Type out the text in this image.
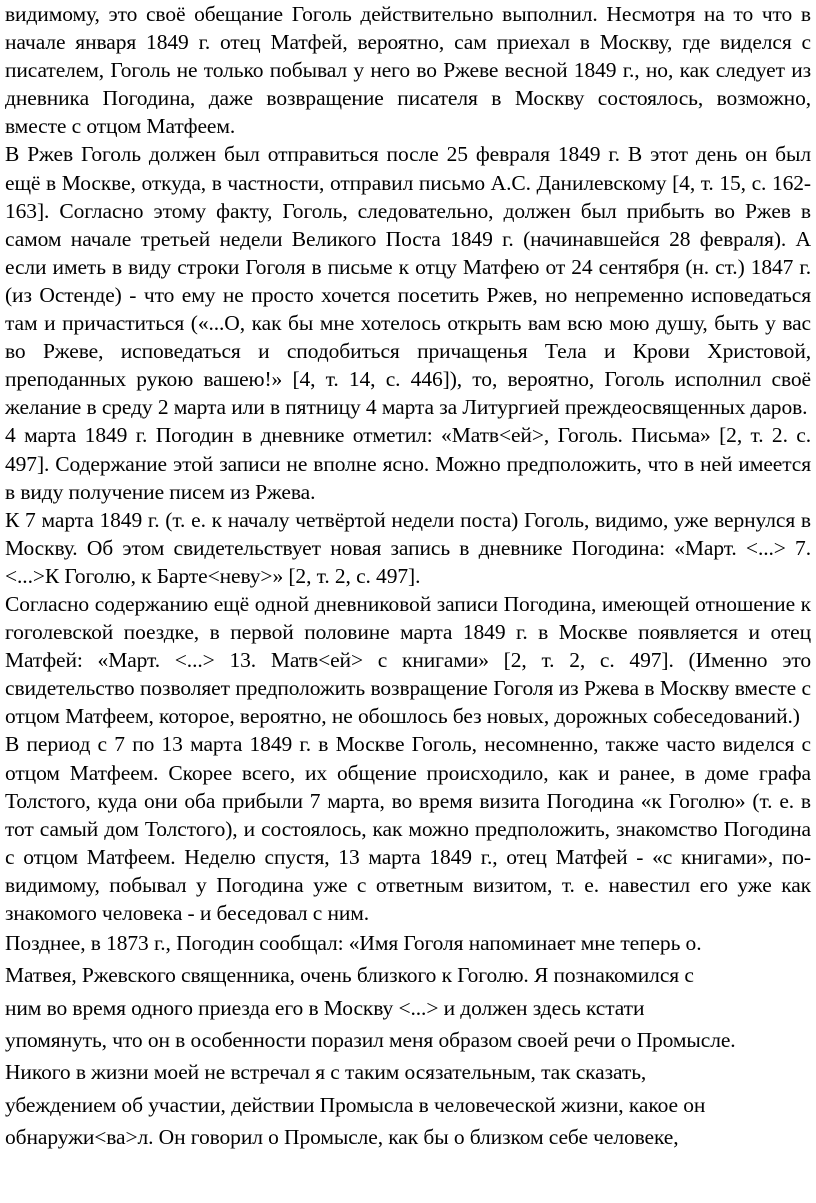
видимому, это своё обещание Гоголь действительно выполнил. Несмотря на то что в начале января 1849 г. отец Матфей, вероятно, сам приехал в Москву, где виделся с писателем, Гоголь не только побывал у него во Ржеве весной 1849 г., но, как следует из дневника Погодина, даже возвращение писателя в Москву состоялось, возможно, вместе с отцом Матфеем.

В Ржев Гоголь должен был отправиться после 25 февраля 1849 г. В этот день он был ещё в Москве, откуда, в частности, отправил письмо А.С. Данилевскому [4, т. 15, с. 162-163]. Согласно этому факту, Гоголь, следовательно, должен был прибыть во Ржев в самом начале третьей недели Великого Поста 1849 г. (начинавшейся 28 февраля). А если иметь в виду строки Гоголя в письме к отцу Матфею от 24 сентября (н. ст.) 1847 г. (из Остенде) - что ему не просто хочется посетить Ржев, но непременно исповедаться там и причаститься («...О, как бы мне хотелось открыть вам всю мою душу, быть у вас во Ржеве, исповедаться и сподобиться причащенья Тела и Крови Христовой, преподанных рукою вашею!» [4, т. 14, с. 446]), то, вероятно, Гоголь исполнил своё желание в среду 2 марта или в пятницу 4 марта за Литургией преждеосвященных даров.

4 марта 1849 г. Погодин в дневнике отметил: «Матв<ей>, Гоголь. Письма» [2, т. 2. с. 497]. Содержание этой записи не вполне ясно. Можно предположить, что в ней имеется в виду получение писем из Ржева.

К 7 марта 1849 г. (т. е. к началу четвёртой недели поста) Гоголь, видимо, уже вернулся в Москву. Об этом свидетельствует новая запись в дневнике Погодина: «Март. <...> 7.<...>К Гоголю, к Барте<неву>» [2, т. 2, с. 497].

Согласно содержанию ещё одной дневниковой записи Погодина, имеющей отношение к гоголевской поездке, в первой половине марта 1849 г. в Москве появляется и отец Матфей: «Март. <...> 13. Матв<ей> с книгами» [2, т. 2, с. 497]. (Именно это свидетельство позволяет предположить возвращение Гоголя из Ржева в Москву вместе с отцом Матфеем, которое, вероятно, не обошлось без новых, дорожных собеседований.)

В период с 7 по 13 марта 1849 г. в Москве Гоголь, несомненно, также часто виделся с отцом Матфеем. Скорее всего, их общение происходило, как и ранее, в доме графа Толстого, куда они оба прибыли 7 марта, во время визита Погодина «к Гоголю» (т. е. в тот самый дом Толстого), и состоялось, как можно предположить, знакомство Погодина с отцом Матфеем. Неделю спустя, 13 марта 1849 г., отец Матфей - «с книгами», по-видимому, побывал у Погодина уже с ответным визитом, т. е. навестил его уже как знакомого человека - и беседовал с ним.

Позднее, в 1873 г., Погодин сообщал: «Имя Гоголя напоминает мне теперь о.

Матвея, Ржевского священника, очень близкого к Гоголю. Я познакомился с

ним во время одного приезда его в Москву <...> и должен здесь кстати

упомянуть, что он в особенности поразил меня образом своей речи о Промысле.

Никого в жизни моей не встречал я с таким осязательным, так сказать,

убеждением об участии, действии Промысла в человеческой жизни, какое он

обнаружи<ва>л. Он говорил о Промысле, как бы о близком себе человеке,
